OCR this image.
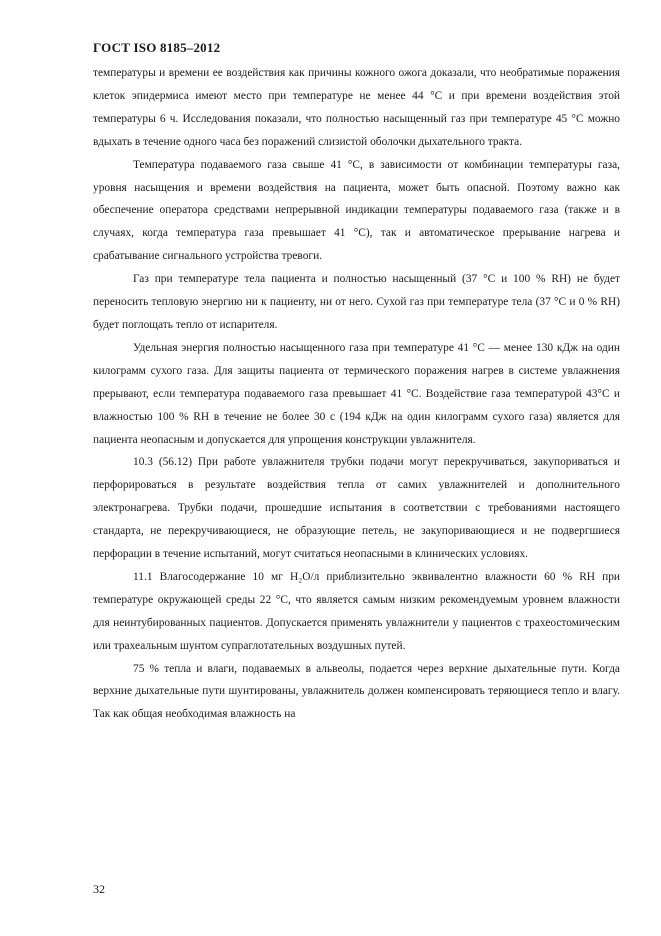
ГОСТ ISO 8185–2012

температуры и времени ее воздействия как причины кожного ожога доказали, что необратимые поражения клеток эпидермиса имеют место при температуре не менее 44 °C и при времени воздействия этой температуры 6 ч. Исследования показали, что полностью насыщенный газ при температуре 45 °C можно вдыхать в течение одного часа без поражений слизистой оболочки дыхательного тракта.

Температура подаваемого газа свыше 41 °C, в зависимости от комбинации температуры газа, уровня насыщения и времени воздействия на пациента, может быть опасной. Поэтому важно как обеспечение оператора средствами непрерывной индикации температуры подаваемого газа (также и в случаях, когда температура газа превышает 41 °C), так и автоматическое прерывание нагрева и срабатывание сигнального устройства тревоги.

Газ при температуре тела пациента и полностью насыщенный (37 °C и 100 % RH) не будет переносить тепловую энергию ни к пациенту, ни от него. Сухой газ при температуре тела (37 °C и 0 % RH) будет поглощать тепло от испарителя.

Удельная энергия полностью насыщенного газа при температуре 41 °C — менее 130 кДж на один килограмм сухого газа. Для защиты пациента от термического поражения нагрев в системе увлажнения прерывают, если температура подаваемого газа превышает 41 °C. Воздействие газа температурой 43°C и влажностью 100 % RH в течение не более 30 с (194 кДж на один килограмм сухого газа) является для пациента неопасным и допускается для упрощения конструкции увлажнителя.

10.3 (56.12) При работе увлажнителя трубки подачи могут перекручиваться, закупориваться и перфорироваться в результате воздействия тепла от самих увлажнителей и дополнительного электронагрева. Трубки подачи, прошедшие испытания в соответствии с требованиями настоящего стандарта, не перекручивающиеся, не образующие петель, не закупоривающиеся и не подвергшиеся перфорации в течение испытаний, могут считаться неопасными в клинических условиях.

11.1 Влагосодержание 10 мг H₂O/л приблизительно эквивалентно влажности 60 % RH при температуре окружающей среды 22 °C, что является самым низким рекомендуемым уровнем влажности для неинтубированных пациентов. Допускается применять увлажнители у пациентов с трахеостомическим или трахеальным шунтом супраглотательных воздушных путей.

75 % тепла и влаги, подаваемых в альвеолы, подается через верхние дыхательные пути. Когда верхние дыхательные пути шунтированы, увлажнитель должен компенсировать теряющиеся тепло и влагу. Так как общая необходимая влажность на

32
